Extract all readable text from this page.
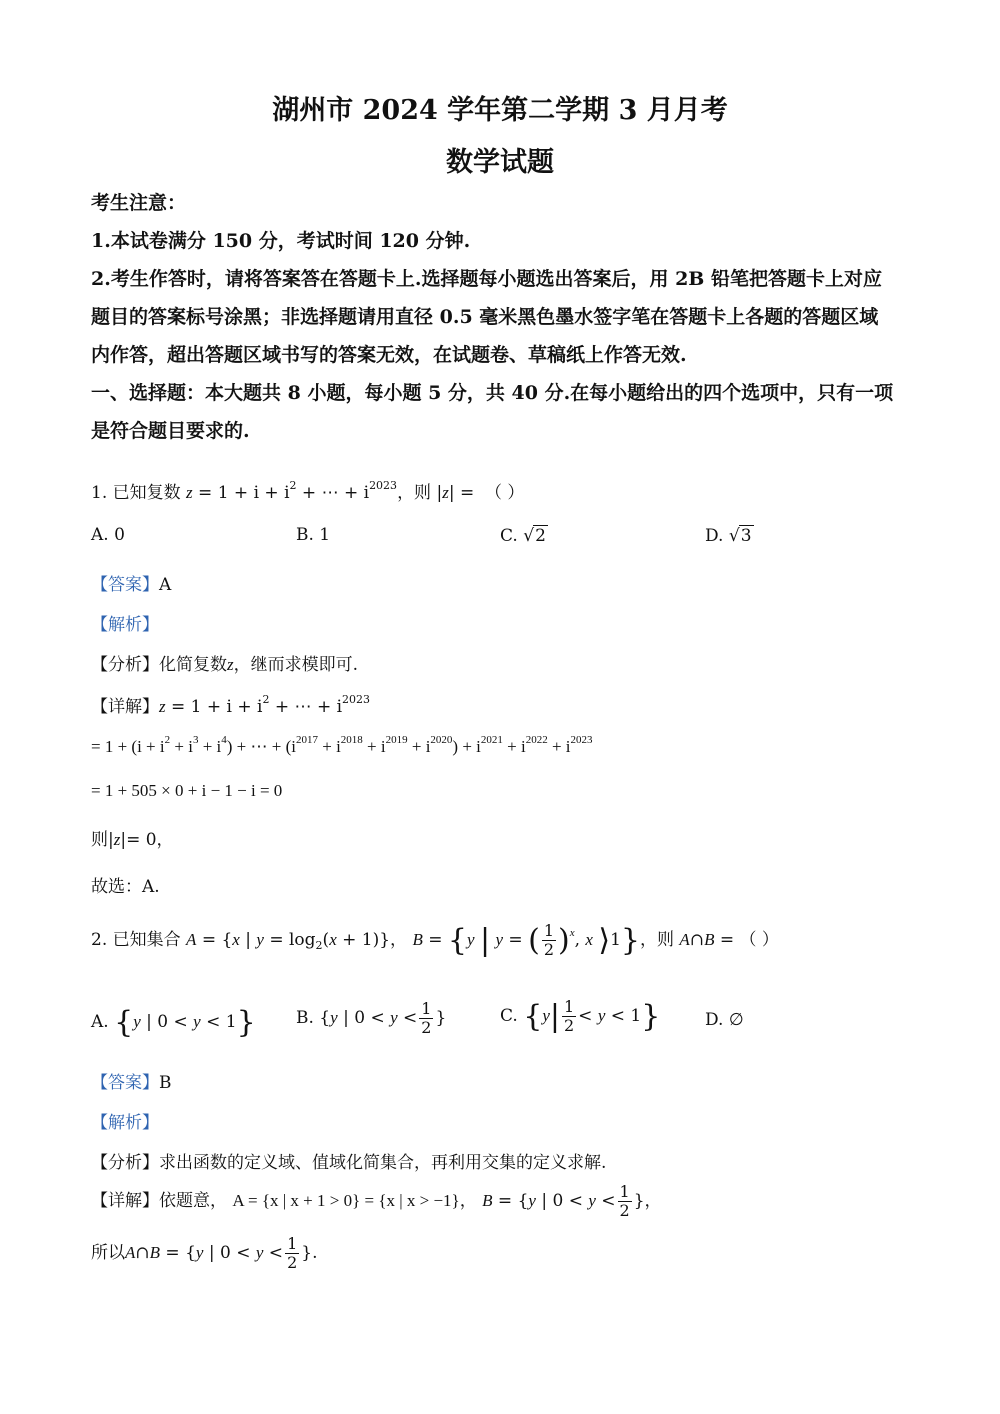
湖州市 2024 学年第二学期 3 月月考
数学试题
考生注意：
1.本试卷满分 150 分，考试时间 120 分钟.
2.考生作答时，请将答案答在答题卡上.选择题每小题选出答案后，用 2B 铅笔把答题卡上对应
题目的答案标号涂黑；非选择题请用直径 0.5 毫米黑色墨水签字笔在答题卡上各题的答题区域
内作答，超出答题区域书写的答案无效，在试题卷、草稿纸上作答无效.
一、选择题：本大题共 8 小题，每小题 5 分，共 40 分.在每小题给出的四个选项中，只有一项
是符合题目要求的.
1. 已知复数 $z = 1 + i + i^2$ + ⋯ + $i^{2023}$，则 |z| =  （ ）
A. 0	B. 1	C. √2	D. √3
【答案】A
【解析】
【分析】化简复数z，继而求模即可.
【详解】$z = 1 + i + i^2$ + ⋯ + $i^{2023}$
= $1 + (i + i^2 + i^3 + i^4)$ + ⋯ + $(i^{2017} + i^{2018} + i^{2019} + i^{2020}) + i^{2021} + i^{2022} + i^{2023}$
= 1 + 505 × 0 + i − 1 − i = 0
则|z|= 0，
故选：A.
2. 已知集合 A = {x | $y = \log_2(x + 1)$}， B = {y | y = ( $\frac{1}{2} )^x$, x ⟩1}，则 A∩B = （ ）
A. {y | 0 < y < 1} B. {y | $0 < y < \frac{1}{2}$ }	C. $\{y| \frac{1}{2} < y < 1\}$	D. ∅
【答案】B
【解析】
【分析】求出函数的定义域、值域化简集合，再利用交集的定义求解.
【详解】依题意， A = {x | x + 1 > 0} = {x | x > −1}， B = {y | $0 < y < \frac{1}{2}$ }，
所以A∩B = {y | $0 < y < \frac{1}{2}$ }.
